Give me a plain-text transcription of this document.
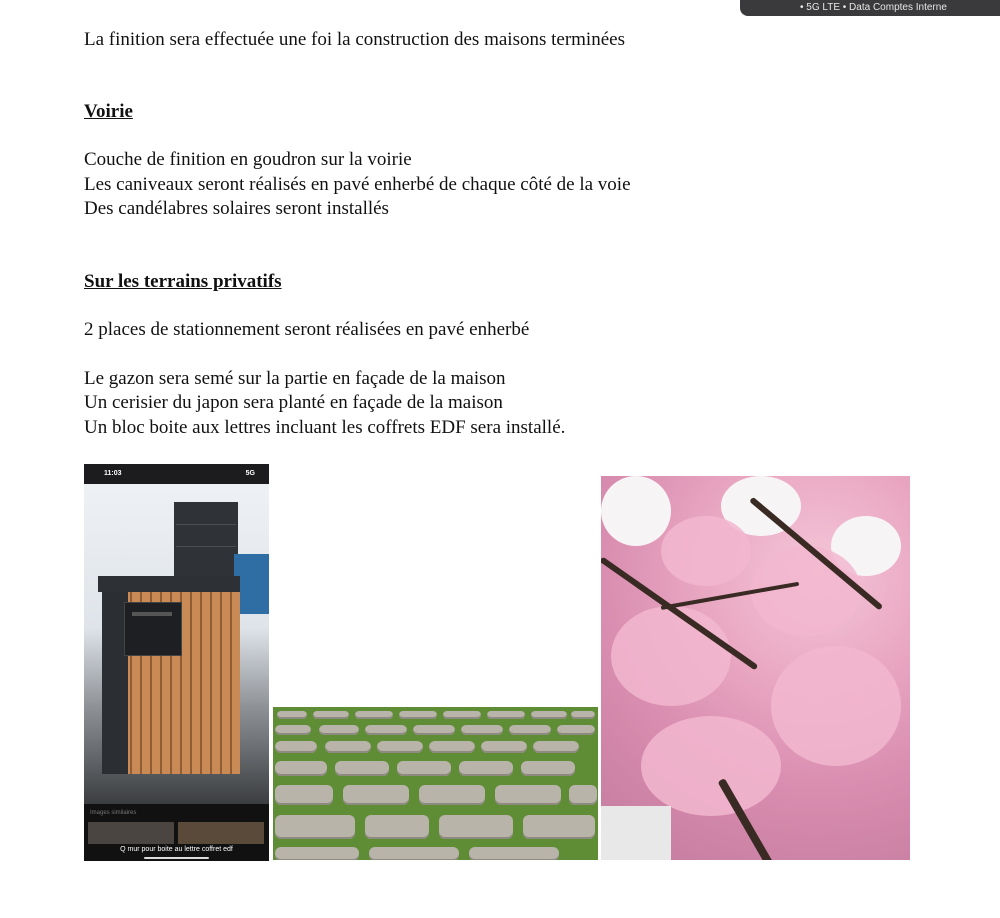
• 5G LTE • Data Comptes Interne
La finition sera effectuée une foi la construction des maisons terminées
Voirie
Couche de finition en goudron sur la voirie
Les caniveaux seront réalisés en pavé enherbé de chaque côté de la voie
Des candélabres solaires seront installés
Sur les terrains privatifs
2 places de stationnement seront réalisées en pavé enherbé
Le gazon sera semé sur la partie en façade de la maison
Un cerisier du japon sera planté en façade de la maison
Un bloc boite aux lettres incluant les coffrets EDF sera installé.
11:03	5G
Images similaires
Q mur pour boite au lettre coffret edf
